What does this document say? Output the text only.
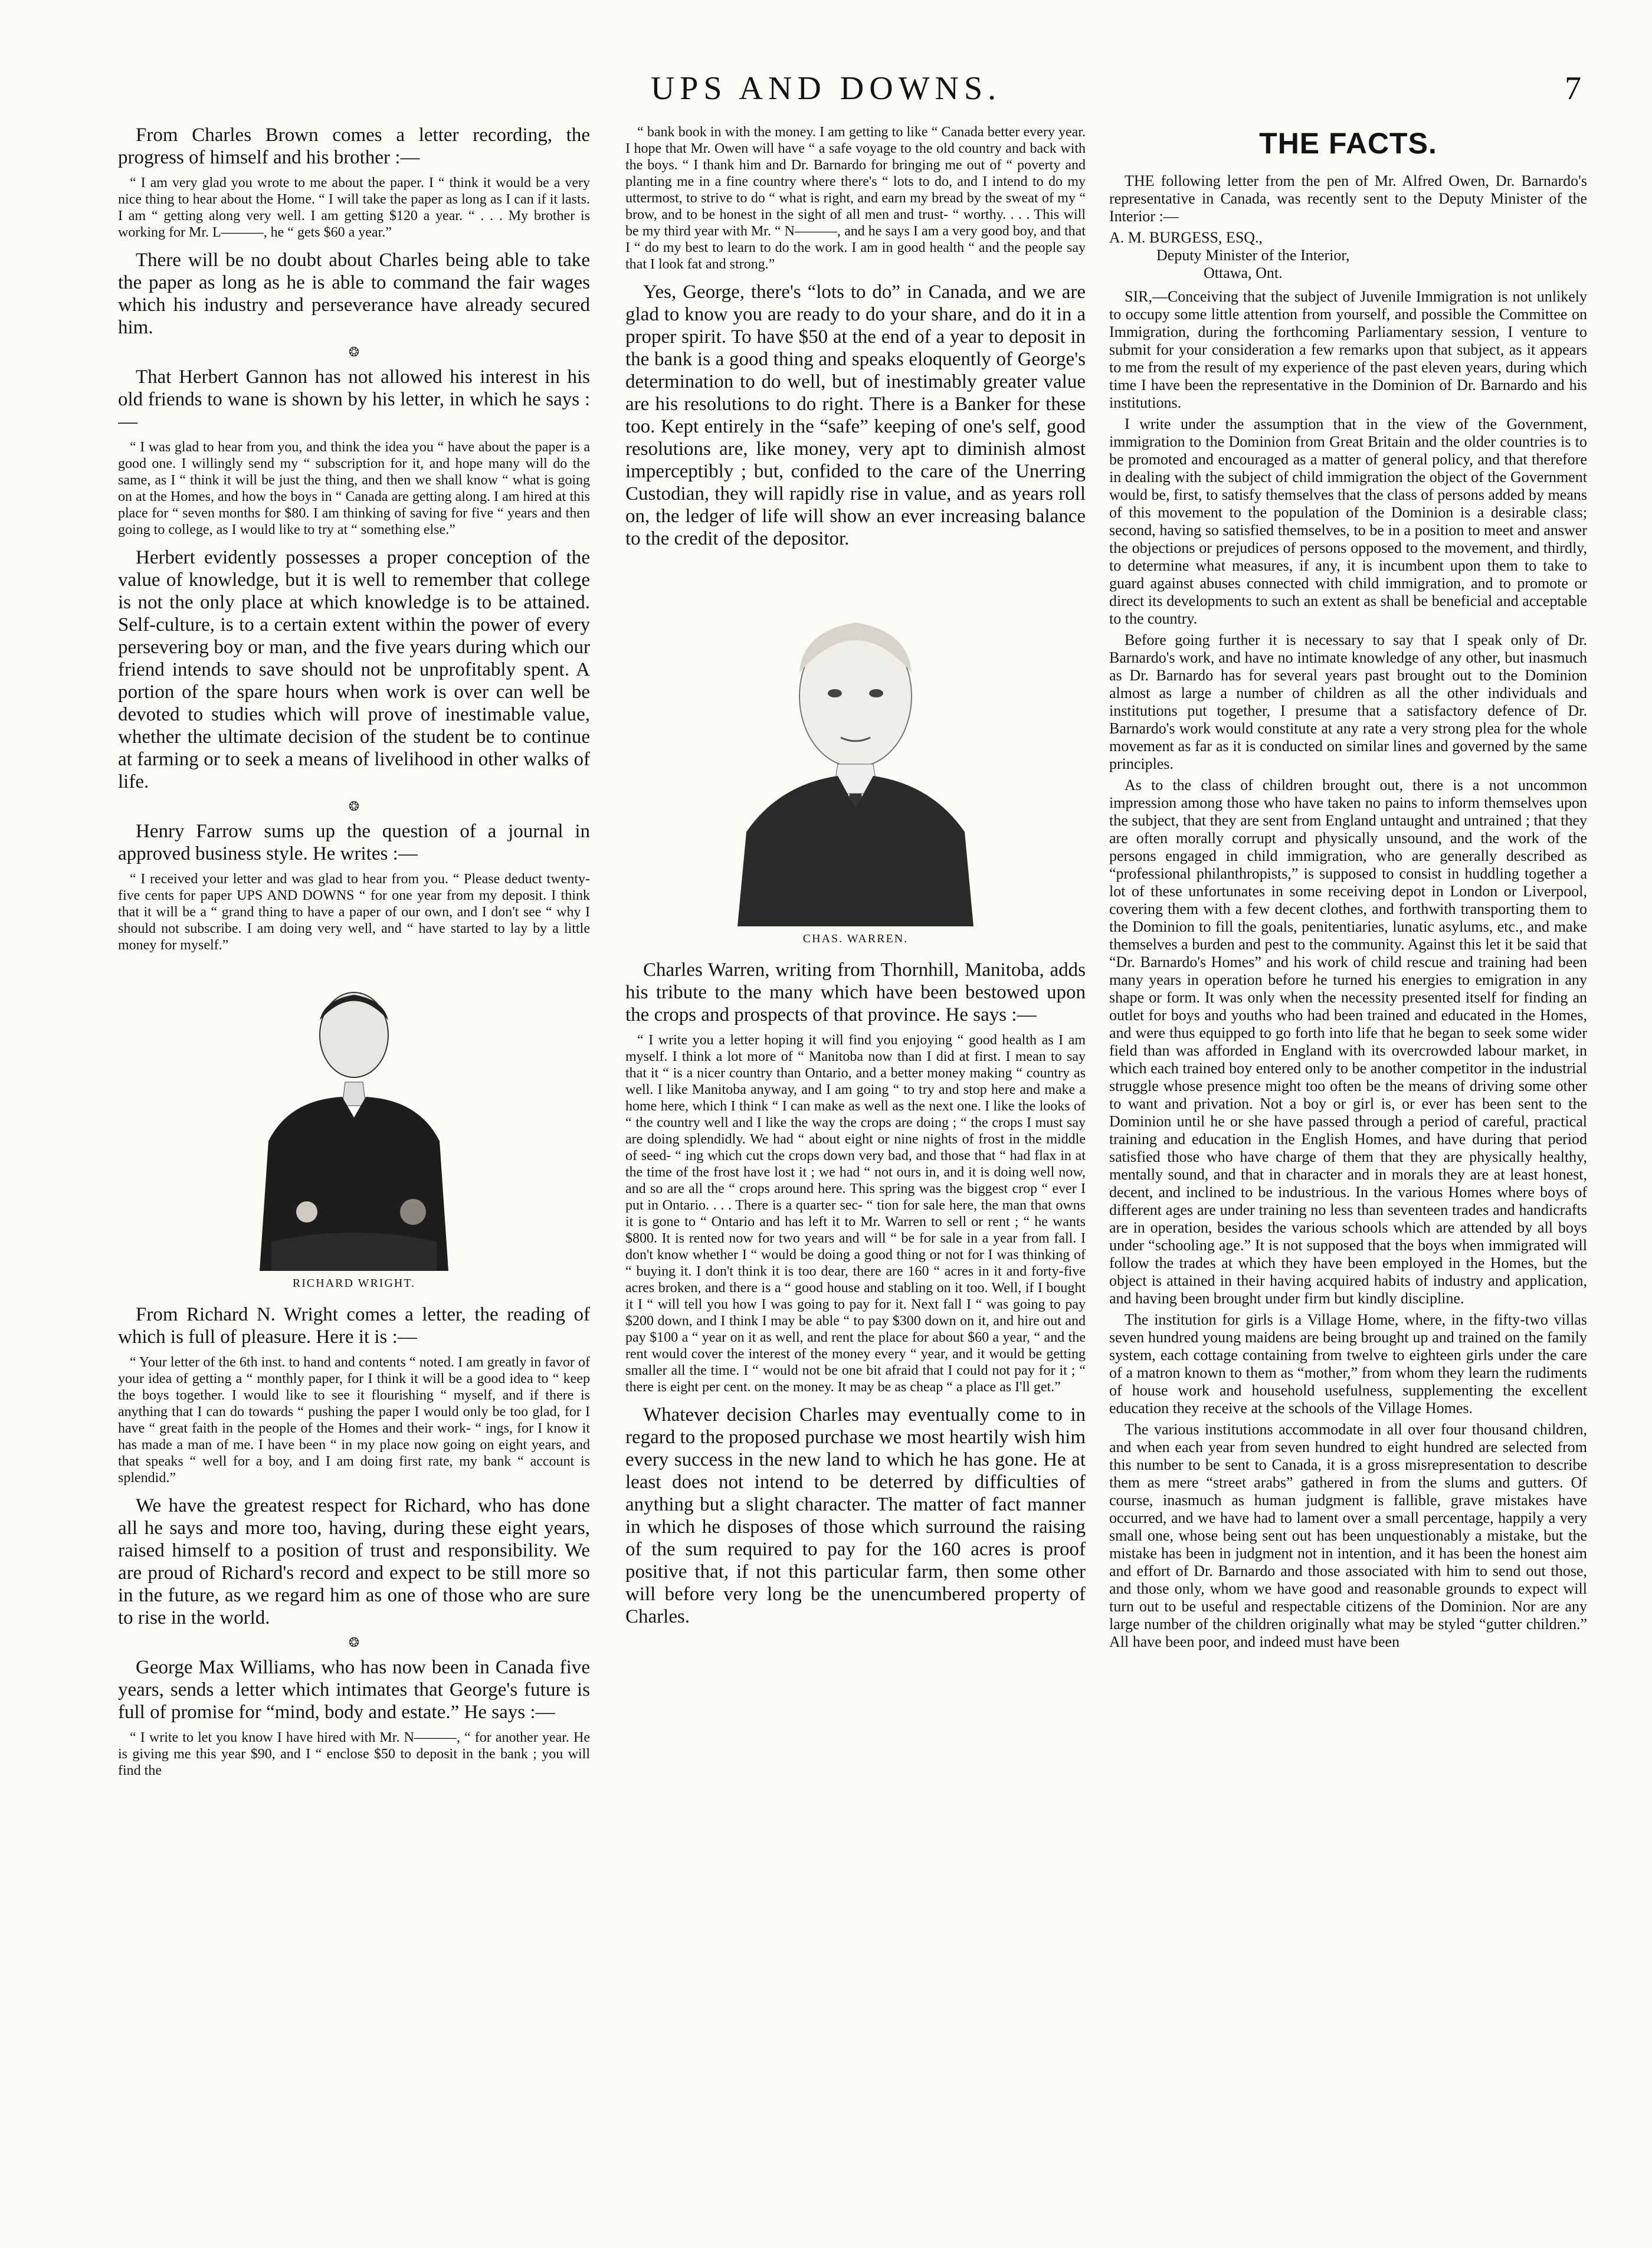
UPS AND DOWNS.	7

From Charles Brown comes a letter recording, the progress of himself and his brother :—

“ I am very glad you wrote to me about the paper. I “ think it would be a very nice thing to hear about the Home. “ I will take the paper as long as I can if it lasts. I am “ getting along very well. I am getting $120 a year. “ . . . My brother is working for Mr. L———, he “ gets $60 a year.”

There will be no doubt about Charles being able to take the paper as long as he is able to command the fair wages which his industry and perseverance have already secured him.

❂

That Herbert Gannon has not allowed his interest in his old friends to wane is shown by his letter, in which he says :—

“ I was glad to hear from you, and think the idea you “ have about the paper is a good one. I willingly send my “ subscription for it, and hope many will do the same, as I “ think it will be just the thing, and then we shall know “ what is going on at the Homes, and how the boys in “ Canada are getting along. I am hired at this place for “ seven months for $80. I am thinking of saving for five “ years and then going to college, as I would like to try at “ something else.”

Herbert evidently possesses a proper conception of the value of knowledge, but it is well to remember that college is not the only place at which knowledge is to be attained. Self-culture, is to a certain extent within the power of every persevering boy or man, and the five years during which our friend intends to save should not be unprofitably spent. A portion of the spare hours when work is over can well be devoted to studies which will prove of inestimable value, whether the ultimate decision of the student be to continue at farming or to seek a means of livelihood in other walks of life.

❂

Henry Farrow sums up the question of a journal in approved business style. He writes :—

“ I received your letter and was glad to hear from you. “ Please deduct twenty-five cents for paper UPS AND DOWNS “ for one year from my deposit. I think that it will be a “ grand thing to have a paper of our own, and I don't see “ why I should not subscribe. I am doing very well, and “ have started to lay by a little money for myself.”

RICHARD WRIGHT.

From Richard N. Wright comes a letter, the reading of which is full of pleasure. Here it is :—

“ Your letter of the 6th inst. to hand and contents “ noted. I am greatly in favor of your idea of getting a “ monthly paper, for I think it will be a good idea to “ keep the boys together. I would like to see it flourishing “ myself, and if there is anything that I can do towards “ pushing the paper I would only be too glad, for I have “ great faith in the people of the Homes and their work- “ ings, for I know it has made a man of me. I have been “ in my place now going on eight years, and that speaks “ well for a boy, and I am doing first rate, my bank “ account is splendid.”

We have the greatest respect for Richard, who has done all he says and more too, having, during these eight years, raised himself to a position of trust and responsibility. We are proud of Richard's record and expect to be still more so in the future, as we regard him as one of those who are sure to rise in the world.

❂

George Max Williams, who has now been in Canada five years, sends a letter which intimates that George's future is full of promise for “mind, body and estate.” He says :—

“ I write to let you know I have hired with Mr. N———, “ for another year. He is giving me this year $90, and I “ enclose $50 to deposit in the bank ; you will find the

“ bank book in with the money. I am getting to like “ Canada better every year. I hope that Mr. Owen will have “ a safe voyage to the old country and back with the boys. “ I thank him and Dr. Barnardo for bringing me out of “ poverty and planting me in a fine country where there's “ lots to do, and I intend to do my uttermost, to strive to do “ what is right, and earn my bread by the sweat of my “ brow, and to be honest in the sight of all men and trust- “ worthy. . . . This will be my third year with Mr. “ N———, and he says I am a very good boy, and that I “ do my best to learn to do the work. I am in good health “ and the people say that I look fat and strong.”

Yes, George, there's “lots to do” in Canada, and we are glad to know you are ready to do your share, and do it in a proper spirit. To have $50 at the end of a year to deposit in the bank is a good thing and speaks eloquently of George's determination to do well, but of inestimably greater value are his resolutions to do right. There is a Banker for these too. Kept entirely in the “safe” keeping of one's self, good resolutions are, like money, very apt to diminish almost imperceptibly ; but, confided to the care of the Unerring Custodian, they will rapidly rise in value, and as years roll on, the ledger of life will show an ever increasing balance to the credit of the depositor.

CHAS. WARREN.

Charles Warren, writing from Thornhill, Manitoba, adds his tribute to the many which have been bestowed upon the crops and prospects of that province. He says :—

“ I write you a letter hoping it will find you enjoying “ good health as I am myself. I think a lot more of “ Manitoba now than I did at first. I mean to say that it “ is a nicer country than Ontario, and a better money making “ country as well. I like Manitoba anyway, and I am going “ to try and stop here and make a home here, which I think “ I can make as well as the next one. I like the looks of “ the country well and I like the way the crops are doing ; “ the crops I must say are doing splendidly. We had “ about eight or nine nights of frost in the middle of seed- “ ing which cut the crops down very bad, and those that “ had flax in at the time of the frost have lost it ; we had “ not ours in, and it is doing well now, and so are all the “ crops around here. This spring was the biggest crop “ ever I put in Ontario. . . . There is a quarter sec- “ tion for sale here, the man that owns it is gone to “ Ontario and has left it to Mr. Warren to sell or rent ; “ he wants $800. It is rented now for two years and will “ be for sale in a year from fall. I don't know whether I “ would be doing a good thing or not for I was thinking of “ buying it. I don't think it is too dear, there are 160 “ acres in it and forty-five acres broken, and there is a “ good house and stabling on it too. Well, if I bought it I “ will tell you how I was going to pay for it. Next fall I “ was going to pay $200 down, and I think I may be able “ to pay $300 down on it, and hire out and pay $100 a “ year on it as well, and rent the place for about $60 a year, “ and the rent would cover the interest of the money every “ year, and it would be getting smaller all the time. I “ would not be one bit afraid that I could not pay for it ; “ there is eight per cent. on the money. It may be as cheap “ a place as I'll get.”

Whatever decision Charles may eventually come to in regard to the proposed purchase we most heartily wish him every success in the new land to which he has gone. He at least does not intend to be deterred by difficulties of anything but a slight character. The matter of fact manner in which he disposes of those which surround the raising of the sum required to pay for the 160 acres is proof positive that, if not this particular farm, then some other will before very long be the unencumbered property of Charles.

THE FACTS.

THE following letter from the pen of Mr. Alfred Owen, Dr. Barnardo's representative in Canada, was recently sent to the Deputy Minister of the Interior :—

A. M. BURGESS, ESQ.,

Deputy Minister of the Interior,

Ottawa, Ont.

SIR,—Conceiving that the subject of Juvenile Immigration is not unlikely to occupy some little attention from yourself, and possible the Committee on Immigration, during the forthcoming Parliamentary session, I venture to submit for your consideration a few remarks upon that subject, as it appears to me from the result of my experience of the past eleven years, during which time I have been the representative in the Dominion of Dr. Barnardo and his institutions.

I write under the assumption that in the view of the Government, immigration to the Dominion from Great Britain and the older countries is to be promoted and encouraged as a matter of general policy, and that therefore in dealing with the subject of child immigration the object of the Government would be, first, to satisfy themselves that the class of persons added by means of this movement to the population of the Dominion is a desirable class; second, having so satisfied themselves, to be in a position to meet and answer the objections or prejudices of persons opposed to the movement, and thirdly, to determine what measures, if any, it is incumbent upon them to take to guard against abuses connected with child immigration, and to promote or direct its developments to such an extent as shall be beneficial and acceptable to the country.

Before going further it is necessary to say that I speak only of Dr. Barnardo's work, and have no intimate knowledge of any other, but inasmuch as Dr. Barnardo has for several years past brought out to the Dominion almost as large a number of children as all the other individuals and institutions put together, I presume that a satisfactory defence of Dr. Barnardo's work would constitute at any rate a very strong plea for the whole movement as far as it is conducted on similar lines and governed by the same principles.

As to the class of children brought out, there is a not uncommon impression among those who have taken no pains to inform themselves upon the subject, that they are sent from England untaught and untrained ; that they are often morally corrupt and physically unsound, and the work of the persons engaged in child immigration, who are generally described as “professional philanthropists,” is supposed to consist in huddling together a lot of these unfortunates in some receiving depot in London or Liverpool, covering them with a few decent clothes, and forthwith transporting them to the Dominion to fill the goals, penitentiaries, lunatic asylums, etc., and make themselves a burden and pest to the community. Against this let it be said that “Dr. Barnardo's Homes” and his work of child rescue and training had been many years in operation before he turned his energies to emigration in any shape or form. It was only when the necessity presented itself for finding an outlet for boys and youths who had been trained and educated in the Homes, and were thus equipped to go forth into life that he began to seek some wider field than was afforded in England with its overcrowded labour market, in which each trained boy entered only to be another competitor in the industrial struggle whose presence might too often be the means of driving some other to want and privation. Not a boy or girl is, or ever has been sent to the Dominion until he or she have passed through a period of careful, practical training and education in the English Homes, and have during that period satisfied those who have charge of them that they are physically healthy, mentally sound, and that in character and in morals they are at least honest, decent, and inclined to be industrious. In the various Homes where boys of different ages are under training no less than seventeen trades and handicrafts are in operation, besides the various schools which are attended by all boys under “schooling age.” It is not supposed that the boys when immigrated will follow the trades at which they have been employed in the Homes, but the object is attained in their having acquired habits of industry and application, and having been brought under firm but kindly discipline.

The institution for girls is a Village Home, where, in the fifty-two villas seven hundred young maidens are being brought up and trained on the family system, each cottage containing from twelve to eighteen girls under the care of a matron known to them as “mother,” from whom they learn the rudiments of house work and household usefulness, supplementing the excellent education they receive at the schools of the Village Homes.

The various institutions accommodate in all over four thousand children, and when each year from seven hundred to eight hundred are selected from this number to be sent to Canada, it is a gross misrepresentation to describe them as mere “street arabs” gathered in from the slums and gutters. Of course, inasmuch as human judgment is fallible, grave mistakes have occurred, and we have had to lament over a small percentage, happily a very small one, whose being sent out has been unquestionably a mistake, but the mistake has been in judgment not in intention, and it has been the honest aim and effort of Dr. Barnardo and those associated with him to send out those, and those only, whom we have good and reasonable grounds to expect will turn out to be useful and respectable citizens of the Dominion. Nor are any large number of the children originally what may be styled “gutter children.” All have been poor, and indeed must have been
